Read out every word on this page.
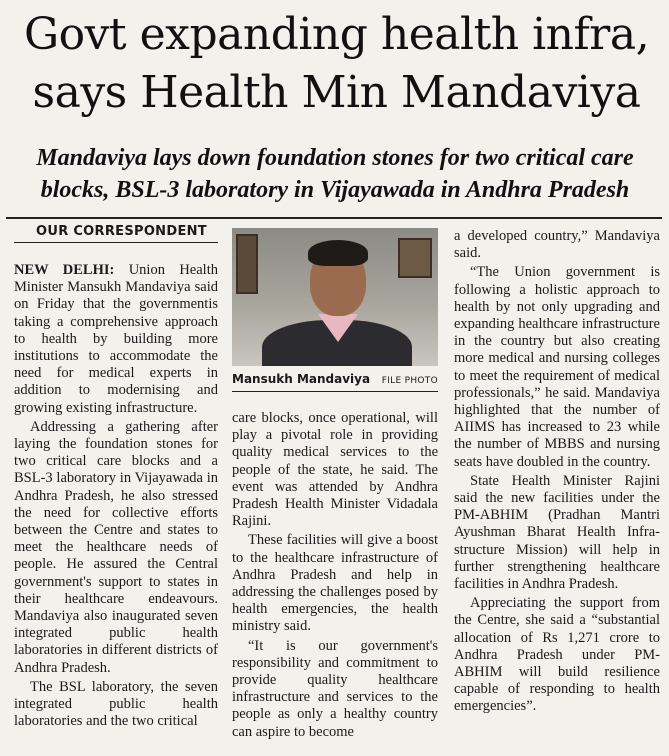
Govt expanding health infra,
says Health Min Mandaviya
Mandaviya lays down foundation stones for two critical care
blocks, BSL-3 laboratory in Vijayawada in Andhra Pradesh
OUR CORRESPONDENT

NEW DELHI: Union Health Minister Mansukh Mandaviya said on Friday that the governmentis taking a comprehensive approach to health by building more institutions to accommodate the need for medical experts in addition to modernising and growing existing infrastructure.

Addressing a gathering after laying the foundation stones for two critical care blocks and a BSL-3 laboratory in Vijayawada in Andhra Pradesh, he also stressed the need for collective efforts between the Centre and states to meet the healthcare needs of people. He assured the Central government's support to states in their healthcare endeavours. Mandaviya also inaugurated seven integrated public health laboratories in different districts of Andhra Pradesh.

The BSL laboratory, the seven integrated public health laboratories and the two critical

Mansukh Mandaviya FILE PHOTO

care blocks, once operational, will play a pivotal role in providing quality medical services to the people of the state, he said. The event was attended by Andhra Pradesh Health Minister Vidadala Rajini.

These facilities will give a boost to the healthcare infrastructure of Andhra Pradesh and help in addressing the challenges posed by health emergencies, the health ministry said.

“It is our government's responsibility and commitment to provide quality healthcare infrastructure and services to the people as only a healthy country can aspire to become

a developed country,” Mandaviya said.

“The Union government is following a holistic approach to health by not only upgrading and expanding healthcare infrastructure in the country but also creating more medical and nursing colleges to meet the requirement of medical professionals,” he said. Mandaviya highlighted that the number of AIIMS has increased to 23 while the number of MBBS and nursing seats have doubled in the country.

State Health Minister Rajini said the new facilities under the PM-ABHIM (Pradhan Mantri Ayushman Bharat Health Infrastructure Mission) will help in further strengthening healthcare facilities in Andhra Pradesh.

Appreciating the support from the Centre, she said a “substantial allocation of Rs 1,271 crore to Andhra Pradesh under PM-ABHIM will build resilience capable of responding to health emergencies”.
